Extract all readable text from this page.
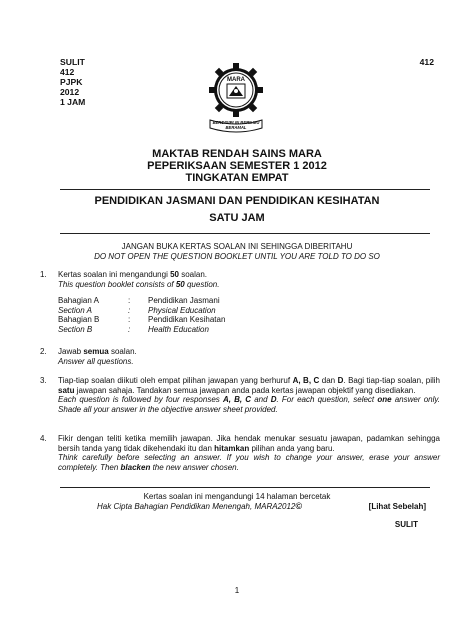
SULIT
412
PJPK
2012
1 JAM
412
MARA
BERDISIPLIN BERILMU BERAMAL
MAKTAB RENDAH SAINS MARA
PEPERIKSAAN SEMESTER 1 2012
TINGKATAN EMPAT
PENDIDIKAN JASMANI DAN PENDIDIKAN KESIHATAN
SATU JAM
JANGAN BUKA KERTAS SOALAN INI SEHINGGA DIBERITAHU
DO NOT OPEN THE QUESTION BOOKLET UNTIL YOU ARE TOLD TO DO SO
1. Kertas soalan ini mengandungi 50 soalan.

This question booklet consists of 50 question.

Bahagian A	:	Pendidikan Jasmani
Section A	:	Physical Education
Bahagian B	:	Pendidikan Kesihatan
Section B	:	Health Education
2. Jawab semua soalan.

Answer all questions.

3. Tiap-tiap soalan diikuti oleh empat pilihan jawapan yang berhuruf A, B, C dan D. Bagi tiap-tiap soalan, pilih satu jawapan sahaja. Tandakan semua jawapan anda pada kertas jawapan objektif yang disediakan.

Each question is followed by four responses A, B, C and D. For each question, select one answer only. Shade all your answer in the objective answer sheet provided.

4. Fikir dengan teliti ketika memilih jawapan. Jika hendak menukar sesuatu jawapan, padamkan sehingga bersih tanda yang tidak dikehendaki itu dan hitamkan pilihan anda yang baru.

Think carefully before selecting an answer. If you wish to change your answer, erase your answer completely. Then blacken the new answer chosen.

Kertas soalan ini mengandungi 14 halaman bercetak
Hak Cipta Bahagian Pendidikan Menengah, MARA2012©	[Lihat Sebelah]
SULIT
1
